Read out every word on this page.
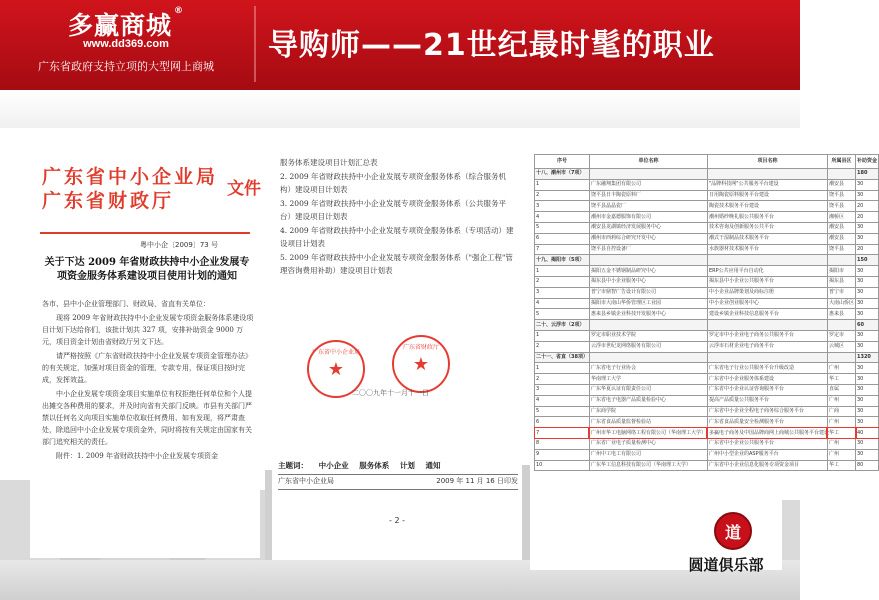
多赢商城 ®
www.dd369.com
广东省政府支持立项的大型网上商城
导购师——21世纪最时髦的职业
广东省中小企业局
广东省财政厅
文件
粤中小企〔2009〕73 号
关于下达 2009 年省财政扶持中小企业发展专项资金服务体系建设项目使用计划的通知

各市、县中小企业管理部门、财政局，省直有关单位：

现将 2009 年省财政扶持中小企业发展专项资金服务体系建设项目计划下达给你们，该批计划共 327 项，安排补助资金 9000 万元，项目资金计划由省财政厅另文下达。

请严格按照《广东省财政扶持中小企业发展专项资金管理办法》的有关规定，加强对项目资金的管理，专款专用，保证项目按时完成，发挥效益。

中小企业发展专项资金项目实施单位有权拒绝任何单位和个人提出摊交各种费用的要求，并及时向省有关部门反映。市县有关部门严禁以任何名义向项目实施单位收取任何费用、如有发现，将严肃查处，除追回中小企业发展专项资金外，同时将按有关规定由国家有关部门追究相关的责任。

附件：1. 2009 年省财政扶持中小企业发展专项资金

服务体系建设项目计划汇总表

2. 2009 年省财政扶持中小企业发展专项资金服务体系（综合服务机构）建设项目计划表

3. 2009 年省财政扶持中小企业发展专项资金服务体系（公共服务平台）建设项目计划表

4. 2009 年省财政扶持中小企业发展专项资金服务体系（专项活动）建设项目计划表

5. 2009 年省财政扶持中小企业发展专项资金服务体系（"强企工程"管理咨询费用补助）建设项目计划表

广东省中小企业局
★
广东省财政厅
★
二〇〇九年十一月十一日
主题词： 中小企业 服务体系 计划 通知
广东省中小企业局	2009 年 11 月 16 日印发
- 2 -
序号	单位名称	项目名称	所属县区	补助资金
十八、潮州市（7项）				180
1	广东融翔集团有限公司	"品牌科技网"公共服务平台建设	潮安县	30
2	饶平县日丰陶瓷原料厂	日用陶瓷原料服务平台建设	饶平县	30
3	饶平县晶晶瓷厂	陶瓷技术服务平台建设	饶平县	20
4	潮州市金嘉德服饰有限公司	潮州婚纱晚礼服公共服务平台	湘桥区	20
5	潮安县龙湖镇经济发展服务中心	技术咨询及创新服务公共平台	潮安县	30
6	潮州市西莉综合研究开发中心	潮式干湿制品技术服务平台	潮安县	30
7	饶平县自控设备厂	水族器材技术服务平台	饶平县	20
十九、揭阳市（5项）				150
1	揭阳五金不锈钢制品研究中心	ERP公共应用平台自动化	揭阳市	30
2	揭东县中小企业服务中心	揭东县中小企业公共服务平台	揭东县	30
3	普宁市鼎智广告设计有限公司	中小企业品牌策划及商标注册	普宁市	30
4	揭阳市大南山华侨管理区工业园	中小企业创业服务中心	大南山侨区	30
5	惠来县乡镇企业科技开发服务中心	建设乡镇企业科技信息服务平台	惠来县	30
二十、云浮市（2项）				60
1	罗定市职业技术学院	罗定市中小企业电子商务公共服务平台	罗定市	30
2	云浮市世纪龙网络服务有限公司	云浮市石材企业电子商务平台	云城区	30
二十一、省直（38项）				1320
1	广东省电子行业协会	广东省电子行业公共服务平台升级改造	广州	30
2	华南理工大学	广东省中小企业服务体系建设	华工	30
3	广东华夏认证有限责任公司	广东省中小企业认证咨询服务平台	直属	30
4	广东省电子电器产品质量检验中心	提高产品质量公共服务平台	广州	30
5	广东商学院	广东省中小企业全程电子商务综合服务平台	广商	30
6	广东省食品质量监督检验站	广东省食品质量安全检测服务平台	广州	30
7	广州市华工电脑网络工程有限公司（华南理工大学）	多赢电子商务及中国品牌商网上商城公共服务平台建设	华工	40
8	广东省广业电子质量检测中心	广东省中小企业公共服务平台	广州	30
9	广州中工电工有限公司	广州中小型企业的ASP服务平台	广州	30
10	广东华工信息科技有限公司（华南理工大学）	广东省中小企业信息化服务专项资金项目	华工	80
道
圆道俱乐部
